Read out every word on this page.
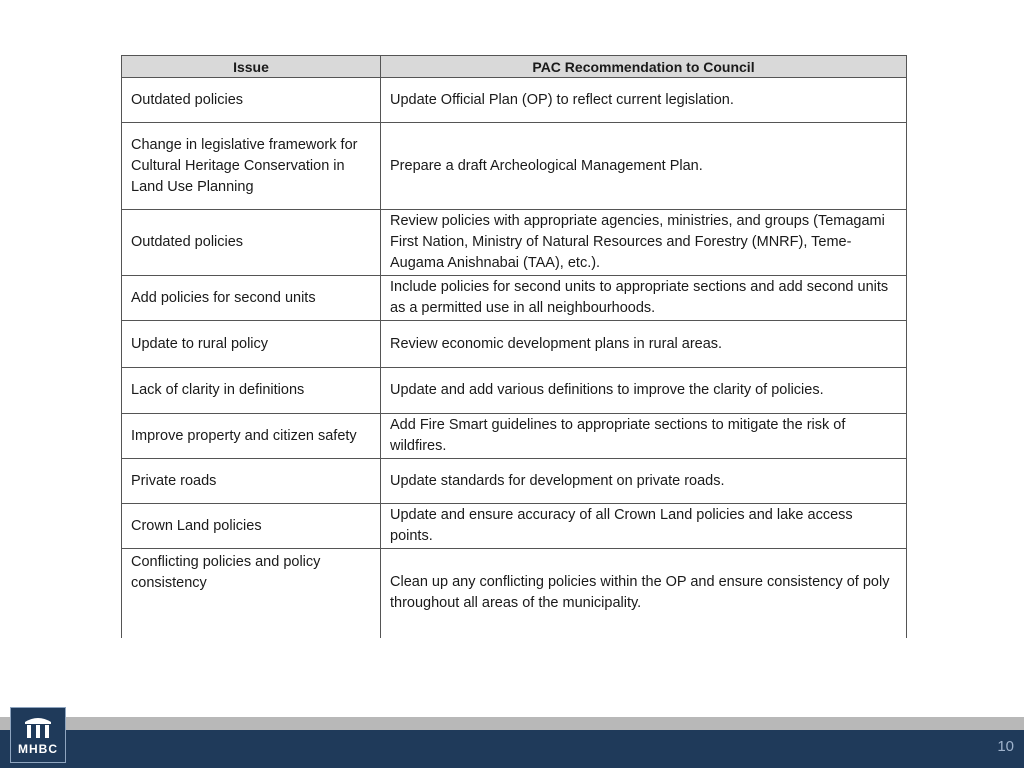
Issue	PAC Recommendation to Council
Outdated policies	Update Official Plan (OP) to reflect current legislation.
Change in legislative framework for Cultural Heritage Conservation in Land Use Planning	Prepare a draft Archeological Management Plan.
Outdated policies	Review policies with appropriate agencies, ministries, and groups (Temagami First Nation, Ministry of Natural Resources and Forestry (MNRF), Teme-Augama Anishnabai (TAA), etc.).
Add policies for second units	Include policies for second units to appropriate sections and add second units as a permitted use in all neighbourhoods.
Update to rural policy	Review economic development plans in rural areas.
Lack of clarity in definitions	Update and add various definitions to improve the clarity of policies.
Improve property and citizen safety	Add Fire Smart guidelines to appropriate sections to mitigate the risk of wildfires.
Private roads	Update standards for development on private roads.
Crown Land policies	Update and ensure accuracy of all Crown Land policies and lake access points.
Conflicting policies and policy consistency	Clean up any conflicting policies within the OP and ensure consistency of poly throughout all areas of the municipality.
MHBC	10
